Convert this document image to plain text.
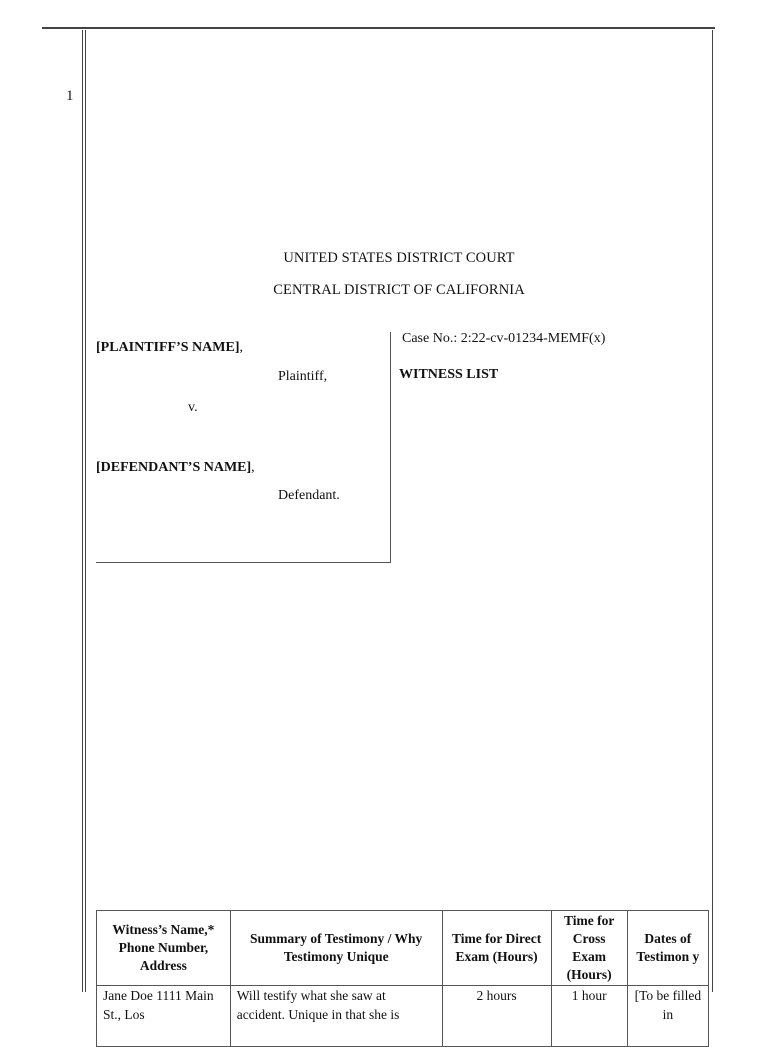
1
UNITED STATES DISTRICT COURT
CENTRAL DISTRICT OF CALIFORNIA
[PLAINTIFF’S NAME],
Plaintiff,
v.
[DEFENDANT’S NAME],
Defendant.
Case No.: 2:22-cv-01234-MEMF(x)
WITNESS LIST
Witness’s Name,* Phone Number, Address	Summary of Testimony / Why Testimony Unique	Time for Direct Exam (Hours)	Time for Cross Exam (Hours)	Dates of Testimon y
Jane Doe 1111 Main St., Los	Will testify what she saw at accident. Unique in that she is	2 hours	1 hour	[To be filled in
